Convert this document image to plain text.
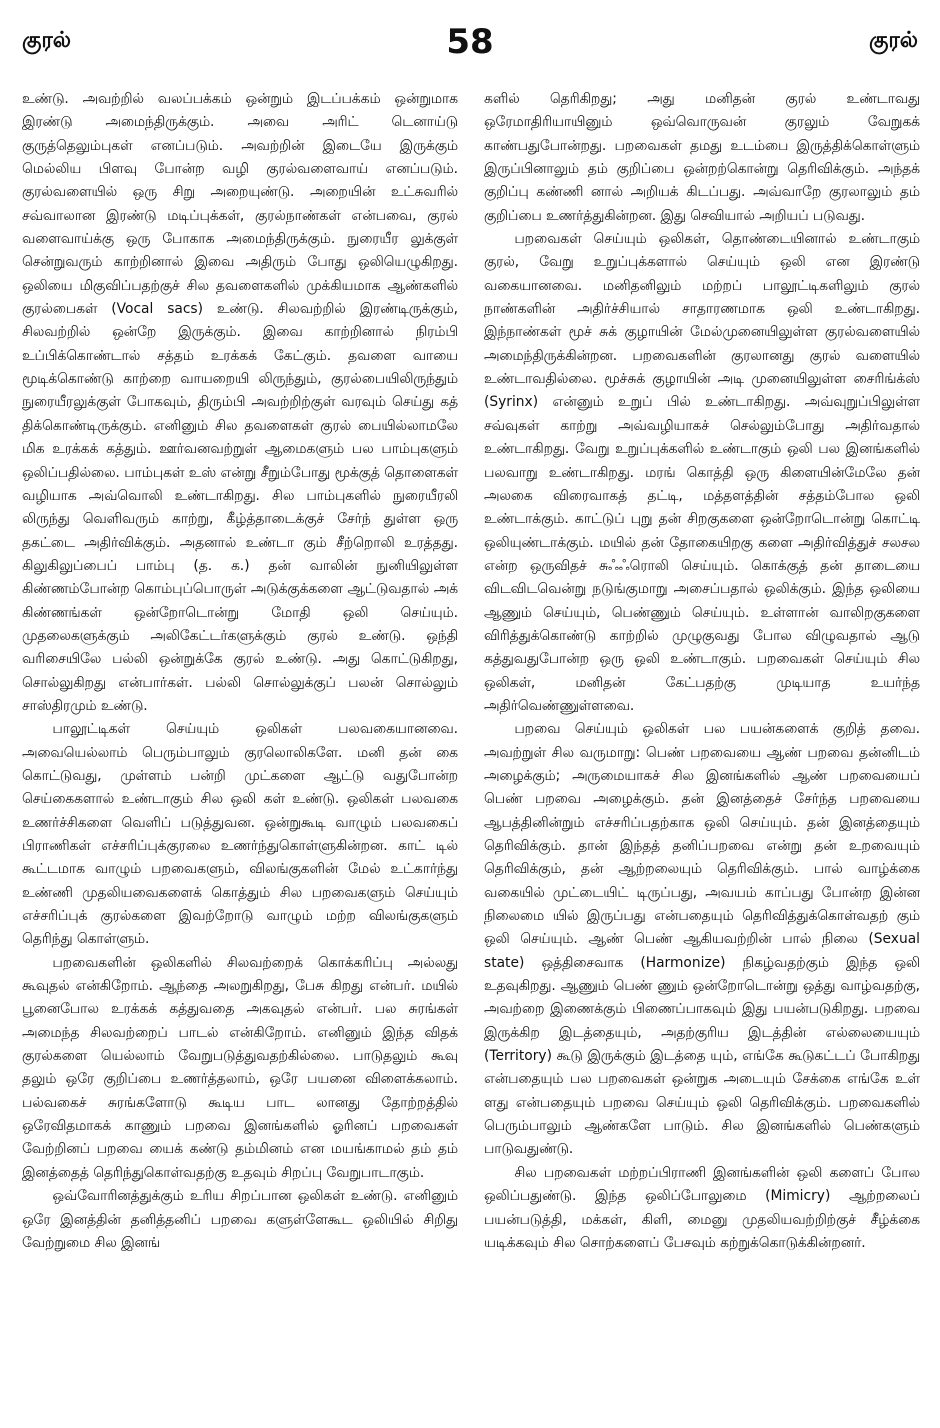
குரல்	58	குரல்

உண்டு. அவற்றில் வலப்பக்கம் ஒன்றும் இடப்பக்கம் ஒன்றுமாக இரண்டு அமைந்திருக்கும். அவை அரிட் டெனாய்டு குருத்தெலும்புகள் எனப்படும். அவற்றின் இடையே இருக்கும் மெல்லிய பிளவு போன்ற வழி குரல்வளைவாய் எனப்படும். குரல்வளையில் ஒரு சிறு அறையுண்டு. அறையின் உட்சுவரில் சவ்வாலான இரண்டு மடிப்புக்கள், குரல்நாண்கள் என்பவை, குரல் வளைவாய்க்கு ஒரு போகாக அமைந்திருக்கும். நுரையீர லுக்குள் சென்றுவரும் காற்றினால் இவை அதிரும் போது ஒலியெழுகிறது. ஒலியை மிகுவிப்பதற்குச் சில தவளைகளில் முக்கியமாக ஆண்களில் குரல்பைகள் (Vocal sacs) உண்டு. சிலவற்றில் இரண்டிருக்கும், சிலவற்றில் ஒன்றே இருக்கும். இவை காற்றினால் நிரம்பி உப்பிக்கொண்டால் சத்தம் உரக்கக் கேட்கும். தவளை வாயை மூடிக்கொண்டு காற்றை வாயறையி லிருந்தும், குரல்பையிலிருந்தும் நுரையீரலுக்குள் போகவும், திரும்பி அவற்றிற்குள் வரவும் செய்து கத் திக்கொண்டிருக்கும். எனினும் சில தவளைகள் குரல் பையில்லாமலே மிக உரக்கக் கத்தும். ஊர்வனவற்றுள் ஆமைகளும் பல பாம்புகளும் ஒலிப்பதில்லை. பாம்புகள் உஸ் என்று சீறும்போது மூக்குத் தொளைகள் வழியாக அவ்வொலி உண்டாகிறது. சில பாம்புகளில் நுரையீரலி லிருந்து வெளிவரும் காற்று, கீழ்த்தாடைக்குச் சேர்ந் துள்ள ஒரு தகட்டை அதிர்விக்கும். அதனால் உண்டா கும் சீற்றொலி உரத்தது. கிலுகிலுப்பைப் பாம்பு (த. க.) தன் வாலின் நுனியிலுள்ள கிண்ணம்போன்ற கொம்புப்பொருள் அடுக்குக்களை ஆட்டுவதால் அக் கிண்ணங்கள் ஒன்றோடொன்று மோதி ஒலி செய்யும். முதலைகளுக்கும் அலிகேட்டர்களுக்கும் குரல் உண்டு. ஒந்தி வரிசையிலே பல்லி ஒன்றுக்கே குரல் உண்டு. அது கொட்டுகிறது, சொல்லுகிறது என்பார்கள். பல்லி சொல்லுக்குப் பலன் சொல்லும் சாஸ்திரமும் உண்டு.

பாலூட்டிகள் செய்யும் ஒலிகள் பலவகையானவை. அவையெல்லாம் பெரும்பாலும் குரலொலிகளே. மனி தன் கை கொட்டுவது, முள்ளம் பன்றி முட்களை ஆட்டு வதுபோன்ற செய்கைகளால் உண்டாகும் சில ஒலி கள் உண்டு. ஒலிகள் பலவகை உணர்ச்சிகளை வெளிப் படுத்துவன. ஒன்றுகூடி வாழும் பலவகைப் பிராணிகள் எச்சரிப்புக்குரலை உணர்ந்துகொள்ளுகின்றன. காட் டில் கூட்டமாக வாழும் பறவைகளும், விலங்குகளின் மேல் உட்கார்ந்து உண்ணி முதலியவைகளைக் கொத்தும் சில பறவைகளும் செய்யும் எச்சரிப்புக் குரல்களை இவற்றோடு வாழும் மற்ற விலங்குகளும் தெரிந்து கொள்ளும்.

பறவைகளின் ஒலிகளில் சிலவற்றைக் கொக்கரிப்பு அல்லது கூவுதல் என்கிறோம். ஆந்தை அலறுகிறது, பேசு கிறது என்பர். மயில் பூனைபோல உரக்கக் கத்துவதை அகவுதல் என்பர். பல சுரங்கள் அமைந்த சிலவற்றைப் பாடல் என்கிறோம். எனினும் இந்த விதக் குரல்களை யெல்லாம் வேறுபடுத்துவதற்கில்லை. பாடுதலும் கூவு தலும் ஒரே குறிப்பை உணர்த்தலாம், ஒரே பயனை விளைக்கலாம். பல்வகைச் சுரங்களோடு கூடிய பாட லானது தோற்றத்தில் ஒரேவிதமாகக் காணும் பறவை இனங்களில் ஓரினப் பறவைகள் வேற்றினப் பறவை யைக் கண்டு தம்மினம் என மயங்காமல் தம் தம் இனத்தைத் தெரிந்துகொள்வதற்கு உதவும் சிறப்பு வேறுபாடாகும்.

ஒவ்வோரினத்துக்கும் உரிய சிறப்பான ஒலிகள் உண்டு. எனினும் ஒரே இனத்தின் தனித்தனிப் பறவை களுள்ளேகூட ஒலியில் சிறிது வேற்றுமை சில இனங்

களில் தெரிகிறது; அது மனிதன் குரல் உண்டாவது ஒரேமாதிரியாயினும் ஒவ்வொருவன் குரலும் வேறுகக் காண்பதுபோன்றது. பறவைகள் தமது உடம்பை இருத்திக்கொள்ளும் இருப்பினாலும் தம் குறிப்பை ஒன்றற்கொன்று தெரிவிக்கும். அந்தக் குறிப்பு கண்ணி னால் அறியக் கிடப்பது. அவ்வாறே குரலாலும் தம் குறிப்பை உணர்த்துகின்றன. இது செவியால் அறியப் படுவது.

பறவைகள் செய்யும் ஒலிகள், தொண்டையினால் உண்டாகும் குரல், வேறு உறுப்புக்களால் செய்யும் ஒலி என இரண்டு வகையானவை. மனிதனிலும் மற்றப் பாலூட்டிகளிலும் குரல் நாண்களின் அதிர்ச்சியால் சாதாரணமாக ஒலி உண்டாகிறது. இந்நாண்கள் மூச் சுக் குழாயின் மேல்முனையிலுள்ள குரல்வளையில் அமைந்திருக்கின்றன. பறவைகளின் குரலானது குரல் வளையில் உண்டாவதில்லை. மூச்சுக் குழாயின் அடி முனையிலுள்ள சைரிங்க்ஸ் (Syrinx) என்னும் உறுப் பில் உண்டாகிறது. அவ்வுறுப்பிலுள்ள சவ்வுகள் காற்று அவ்வழியாகச் செல்லும்போது அதிர்வதால் உண்டாகிறது. வேறு உறுப்புக்களில் உண்டாகும் ஒலி பல இனங்களில் பலவாறு உண்டாகிறது. மரங் கொத்தி ஒரு கிளையின்மேலே தன் அலகை விரைவாகத் தட்டி, மத்தளத்தின் சத்தம்போல ஒலி உண்டாக்கும். காட்டுப் புறு தன் சிறகுகளை ஒன்றோடொன்று கொட்டி ஒலியுண்டாக்கும். மயில் தன் தோகையிறகு களை அதிர்வித்துச் சலசல என்ற ஒருவிதச் சுஃஃரொலி செய்யும். கொக்குத் தன் தாடையை விடவிடவென்று நடுங்குமாறு அசைப்பதால் ஒலிக்கும். இந்த ஒலியை ஆணும் செய்யும், பெண்ணும் செய்யும். உள்ளான் வாலிறகுகளை விரித்துக்கொண்டு காற்றில் முழுகுவது போல விழுவதால் ஆடு கத்துவதுபோன்ற ஒரு ஒலி உண்டாகும். பறவைகள் செய்யும் சில ஒலிகள், மனிதன் கேட்பதற்கு முடியாத உயர்ந்த அதிர்வெண்ணுள்ளவை.

பறவை செய்யும் ஒலிகள் பல பயன்களைக் குறித் தவை. அவற்றுள் சில வருமாறு: பெண் பறவையை ஆண் பறவை தன்னிடம் அழைக்கும்; அருமையாகச் சில இனங்களில் ஆண் பறவையைப் பெண் பறவை அழைக்கும். தன் இனத்தைச் சேர்ந்த பறவையை ஆபத்தினின்றும் எச்சரிப்பதற்காக ஒலி செய்யும். தன் இனத்தையும் தெரிவிக்கும். தான் இந்தத் தனிப்பறவை என்று தன் உறவையும் தெரிவிக்கும், தன் ஆற்றலையும் தெரிவிக்கும். பால் வாழ்க்கை வகையில் முட்டையிட் டிருப்பது, அவயம் காப்பது போன்ற இன்ன நிலைமை யில் இருப்பது என்பதையும் தெரிவித்துக்கொள்வதற் கும் ஒலி செய்யும். ஆண் பெண் ஆகியவற்றின் பால் நிலை (Sexual state) ஒத்திசைவாக (Harmonize) நிகழ்வதற்கும் இந்த ஒலி உதவுகிறது. ஆணும் பெண் ணும் ஒன்றோடொன்று ஒத்து வாழ்வதற்கு, அவற்றை இணைக்கும் பிணைப்பாகவும் இது பயன்படுகிறது. பறவை இருக்கிற இடத்தையும், அதற்குரிய இடத்தின் எல்லையையும் (Territory) கூடு இருக்கும் இடத்தை யும், எங்கே கூடுகட்டப் போகிறது என்பதையும் பல பறவைகள் ஒன்றுக அடையும் சேக்கை எங்கே உள் ளது என்பதையும் பறவை செய்யும் ஒலி தெரிவிக்கும். பறவைகளில் பெரும்பாலும் ஆண்களே பாடும். சில இனங்களில் பெண்களும் பாடுவதுண்டு.

சில பறவைகள் மற்றப்பிராணி இனங்களின் ஒலி களைப் போல ஒலிப்பதுண்டு. இந்த ஒலிப்போலுமை (Mimicry) ஆற்றலைப் பயன்படுத்தி, மக்கள், கிளி, மைனு முதலியவற்றிற்குச் சீழ்க்கை யடிக்கவும் சில சொற்களைப் பேசவும் கற்றுக்கொடுக்கின்றனர்.
